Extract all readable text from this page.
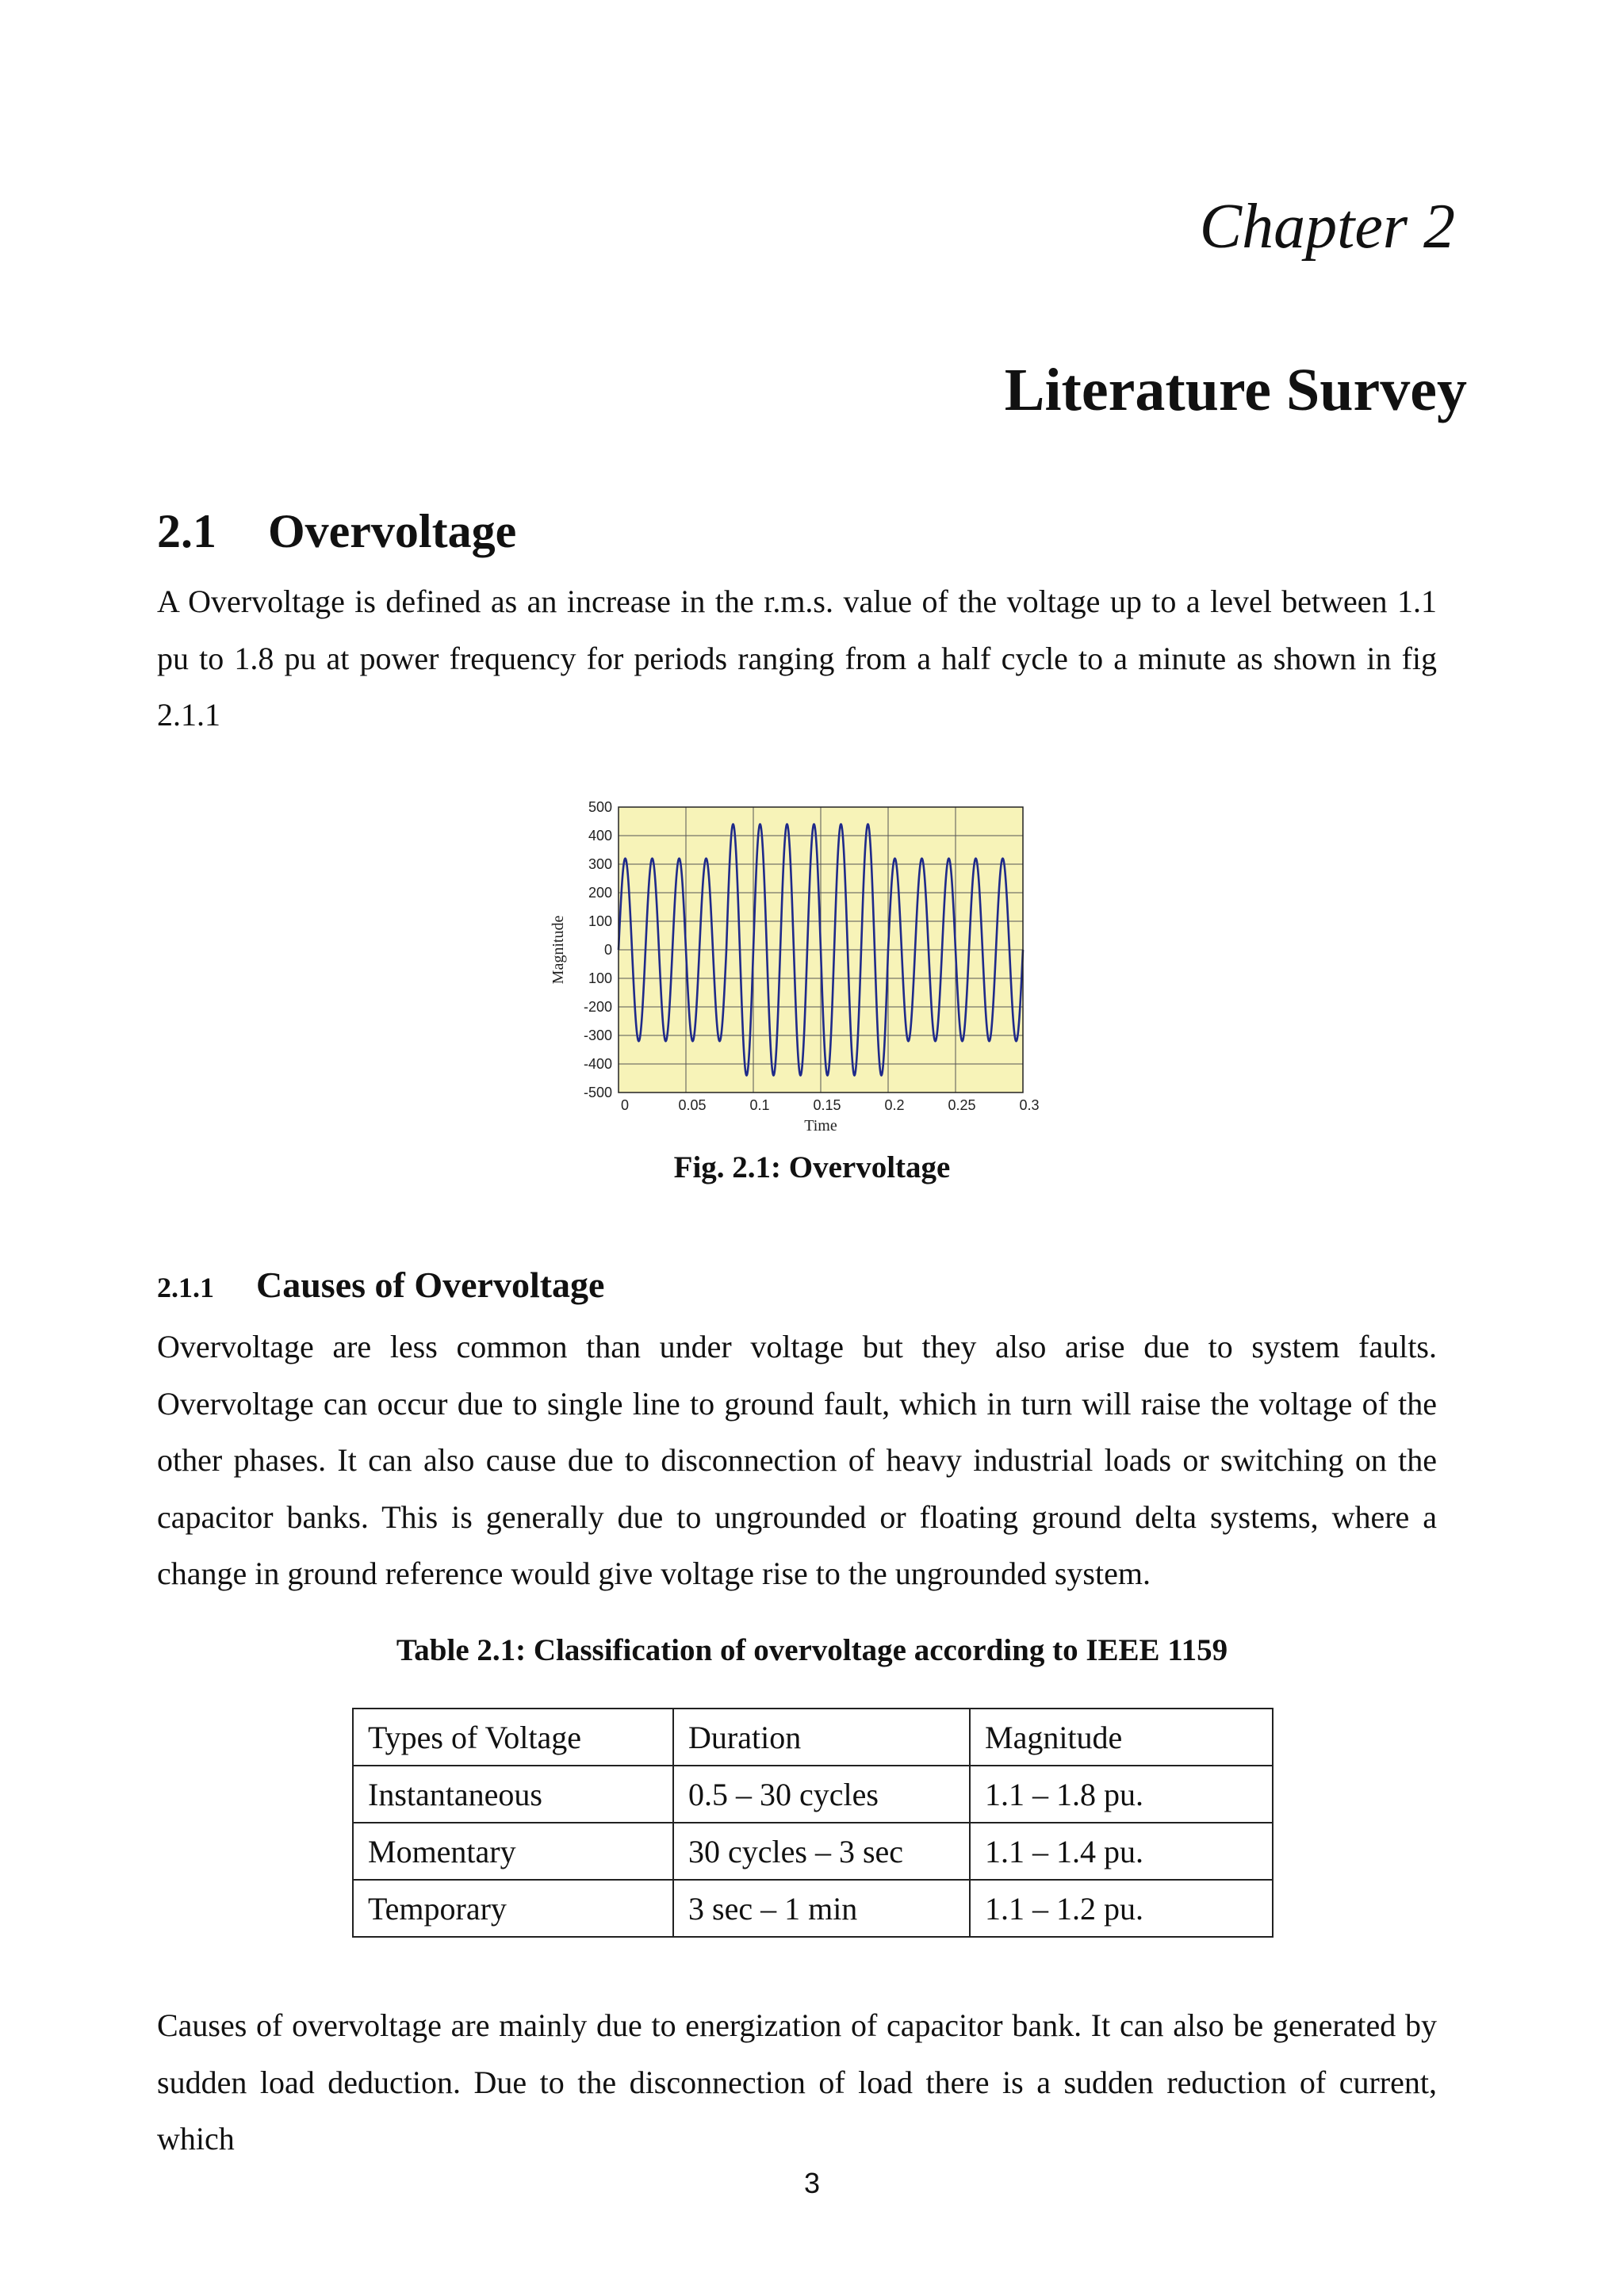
Chapter 2
Literature Survey
2.1 Overvoltage

A Overvoltage is defined as an increase in the r.m.s. value of the voltage up to a level between 1.1 pu to 1.8 pu at power frequency for periods ranging from a half cycle to a minute as shown in fig 2.1.1

500
400
300
200
100
0
100
-200
-300
-400
-500
0	0.05	0.1	0.15	0.2	0.25	0.3
Time
Magnitude

Fig. 2.1: Overvoltage

2.1.1 Causes of Overvoltage

Overvoltage are less common than under voltage but they also arise due to system faults. Overvoltage can occur due to single line to ground fault, which in turn will raise the voltage of the other phases. It can also cause due to disconnection of heavy industrial loads or switching on the capacitor banks. This is generally due to ungrounded or floating ground delta systems, where a change in ground reference would give voltage rise to the ungrounded system.

Table 2.1: Classification of overvoltage according to IEEE 1159

Types of Voltage	Duration	Magnitude
Instantaneous	0.5 – 30 cycles	1.1 – 1.8 pu.
Momentary	30 cycles – 3 sec	1.1 – 1.4 pu.
Temporary	3 sec – 1 min	1.1 – 1.2 pu.

Causes of overvoltage are mainly due to energization of capacitor bank. It can also be generated by sudden load deduction. Due to the disconnection of load there is a sudden reduction of current, which

3
